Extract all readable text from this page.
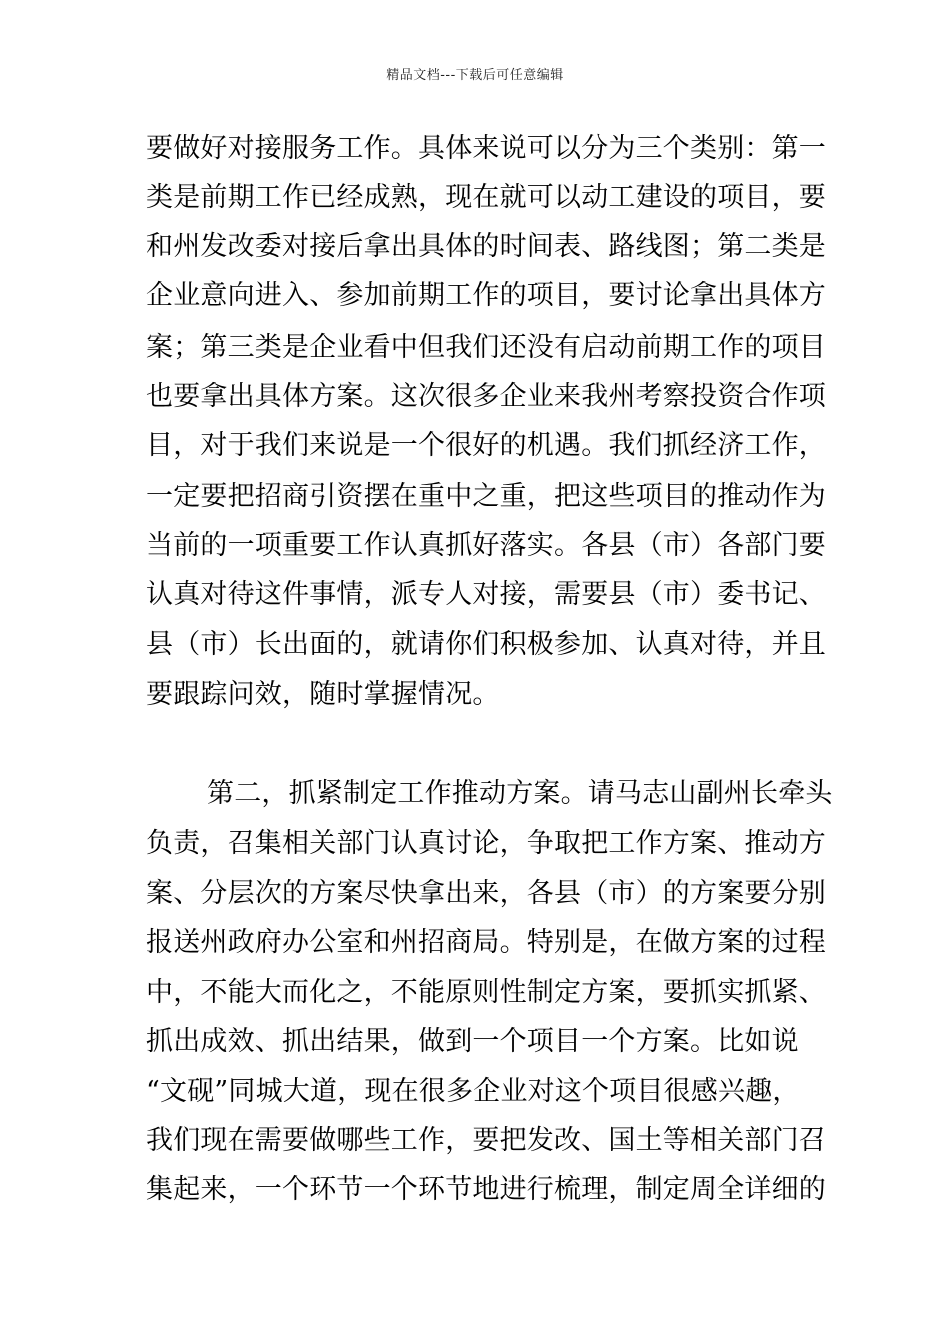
精品文档---下载后可任意编辑
要做好对接服务工作。具体来说可以分为三个类别：第一
类是前期工作已经成熟，现在就可以动工建设的项目，要
和州发改委对接后拿出具体的时间表、路线图；第二类是
企业意向进入、参加前期工作的项目，要讨论拿出具体方
案；第三类是企业看中但我们还没有启动前期工作的项目
也要拿出具体方案。这次很多企业来我州考察投资合作项
目，对于我们来说是一个很好的机遇。我们抓经济工作，
一定要把招商引资摆在重中之重，把这些项目的推动作为
当前的一项重要工作认真抓好落实。各县（市）各部门要
认真对待这件事情，派专人对接，需要县（市）委书记、
县（市）长出面的，就请你们积极参加、认真对待，并且
要跟踪问效，随时掌握情况。
第二，抓紧制定工作推动方案。请马志山副州长牵头
负责，召集相关部门认真讨论，争取把工作方案、推动方
案、分层次的方案尽快拿出来，各县（市）的方案要分别
报送州政府办公室和州招商局。特别是，在做方案的过程
中，不能大而化之，不能原则性制定方案，要抓实抓紧、
抓出成效、抓出结果，做到一个项目一个方案。比如说
“文砚”同城大道，现在很多企业对这个项目很感兴趣，
我们现在需要做哪些工作，要把发改、国土等相关部门召
集起来，一个环节一个环节地进行梳理，制定周全详细的
